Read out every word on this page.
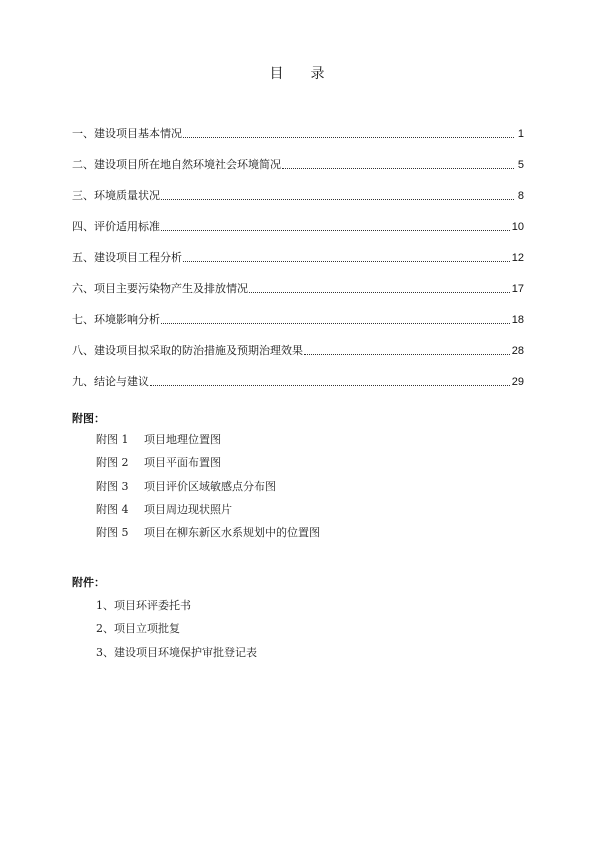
目 录
一、建设项目基本情况	1
二、建设项目所在地自然环境社会环境简况	5
三、环境质量状况	8
四、评价适用标准	10
五、建设项目工程分析	12
六、项目主要污染物产生及排放情况	17
七、环境影响分析	18
八、建设项目拟采取的防治措施及预期治理效果	28
九、结论与建议	29
附图：
附图 1 项目地理位置图
附图 2 项目平面布置图
附图 3 项目评价区域敏感点分布图
附图 4 项目周边现状照片
附图 5 项目在柳东新区水系规划中的位置图
附件：
1、项目环评委托书
2、项目立项批复
3、建设项目环境保护审批登记表
